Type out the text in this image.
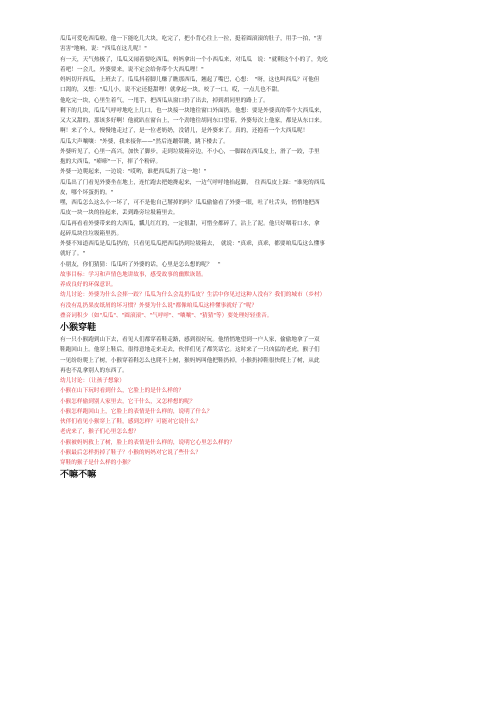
瓜瓜可爱吃西瓜啦，他一下能吃几大块，吃完了，把小背心往上一拉，挺着圆滚滚的肚子，用手一拍，"害
害害"地响，说："西瓜在这儿呢！"
有一天，天气热极了，瓜瓜又闹着要吃西瓜。妈妈拿出一个小西瓜来，对瓜瓜　说："就剩这个小的了，先吃
着吧！一会儿，外婆要来，说不定会给你带个大西瓜哩！"
妈妈切开西瓜，上班去了。瓜瓜抖着脚儿赚了瞧那西瓜，翘起了嘴巴，心想：　"呀，这也叫西瓜？可他但
口渴的，又想："瓜儿小，说不定还挺甜哩！就拿起一块，咬了一口。哎，一点儿也不甜。
他吃完一块，心里生着气，一甩手，把西瓜从窗口扔了出去，掉到胡同里的路上了。
剩下的几块，瓜瓜气呼呼地吃上几口，也一块接一块地往窗口外面扔。他想：要是外婆真的带个大西瓜来，
又大又甜的，那该多好啊！他就趴在窗台上，一个劲地往胡同东口望着，外婆每次上他家，都是从东口来。
啊！来了个人，慢慢地走过了，是一位老奶奶，没错儿，是外婆来了。真的，还抱着一个大西瓜呢！
瓜瓜大声嚷嚷："外婆，我来接你——"然后连蹦带跳，跳下楼去了。
外婆听见了，心里一高兴，加快了脚步，走到垃圾箱旁边，不小心，一脚踩在西瓜皮上，滑了一跤，手里
抱的大西瓜，"嘭嘭"一下，摔了个粉碎。
外婆一边爬起来，一边说："哎哟，谁把西瓜扔了这一地！"
瓜瓜出了门看见外婆坐在地上，连忙跑去把她搀起来，一边气呼呼地抬起脚，　往西瓜皮上踩："谁死的西瓜
皮，哪个坏蛋扔的。"
嘿，西瓜怎么这么小一坏了，可不是他自己掰掉的吗？瓜瓜偷偷看了外婆一眼，吐了吐舌头，悄悄地把西
瓜皮一块一块的捡起来，丢到路旁垃圾箱里去。
瓜瓜再看看外婆带来的大西瓜，瓤儿红红的，一定很甜，可惜全都碎了，沾上了泥。他只好咽着口水，拿
起碎瓜块往垃圾箱里扔。
外婆不知道西瓜是瓜瓜扔的，只看见瓜瓜把西瓜扔到垃圾箱去，　就说："真乖，真乖，都要咱瓜瓜这么懂事
就好了。"
小朋友，你们猜猜：瓜瓜听了外婆的话，心里是怎么想的呢？　"
故事目标：学习和声情色地讲故事，感受故事的幽默诙谐。
养成良好的环保意识。
幼儿讨论：外婆为什么会摔一跤？瓜瓜为什么会乱扔瓜皮？生活中你见过这种人没有？我们的城市（乡村）
有没有乱扔果皮纸屑的坏习惯？外婆为什么说"都像咱瓜瓜这样懂事就好了"呢？
叠音词积少（如"瓜瓜"、"圆滚滚"、"气呼呼"、"嚷嚷"、"猜猜"等）要处理好轻重音。
小猴穿鞋
有一只小猴跑到山下去，看见人们都穿着鞋走路，感到很好玩。他悄悄地望到一户人家，偷偷地拿了一双
鞋跑回山上。他穿上鞋后，很得意地走来走去，伙伴们见了都笑话它。这时来了一只凶猛的老虎，猴子们
一见纷纷爬上了树，小猴穿着鞋怎么也爬不上树，猴妈妈叫他把鞋扔掉，小猴扔掉鞋很快爬上了树，从此
再也不乱拿别人的东西了。
幼儿讨论：（让孩子想象）
小猴在山下玩时看到什么，它脸上的是什么样的？
小猴怎样偷到别人家里去，它干什么，又怎样想的呢？
小猴怎样跑回山上，它脸上的表情是什么样的，说明了什么？
伙伴们看见小猴穿上了鞋，感到怎样？可能对它说什么？
老虎来了，猴子们心里怎么想？
小猴被妈妈救上了树，脸上的表情是什么样的，说明它心里怎么样的？
小猴最后怎样扔掉了鞋子？小猴的妈妈对它说了些什么？
穿鞋的猴子是什么样的小猴？
不嘛不嘛
